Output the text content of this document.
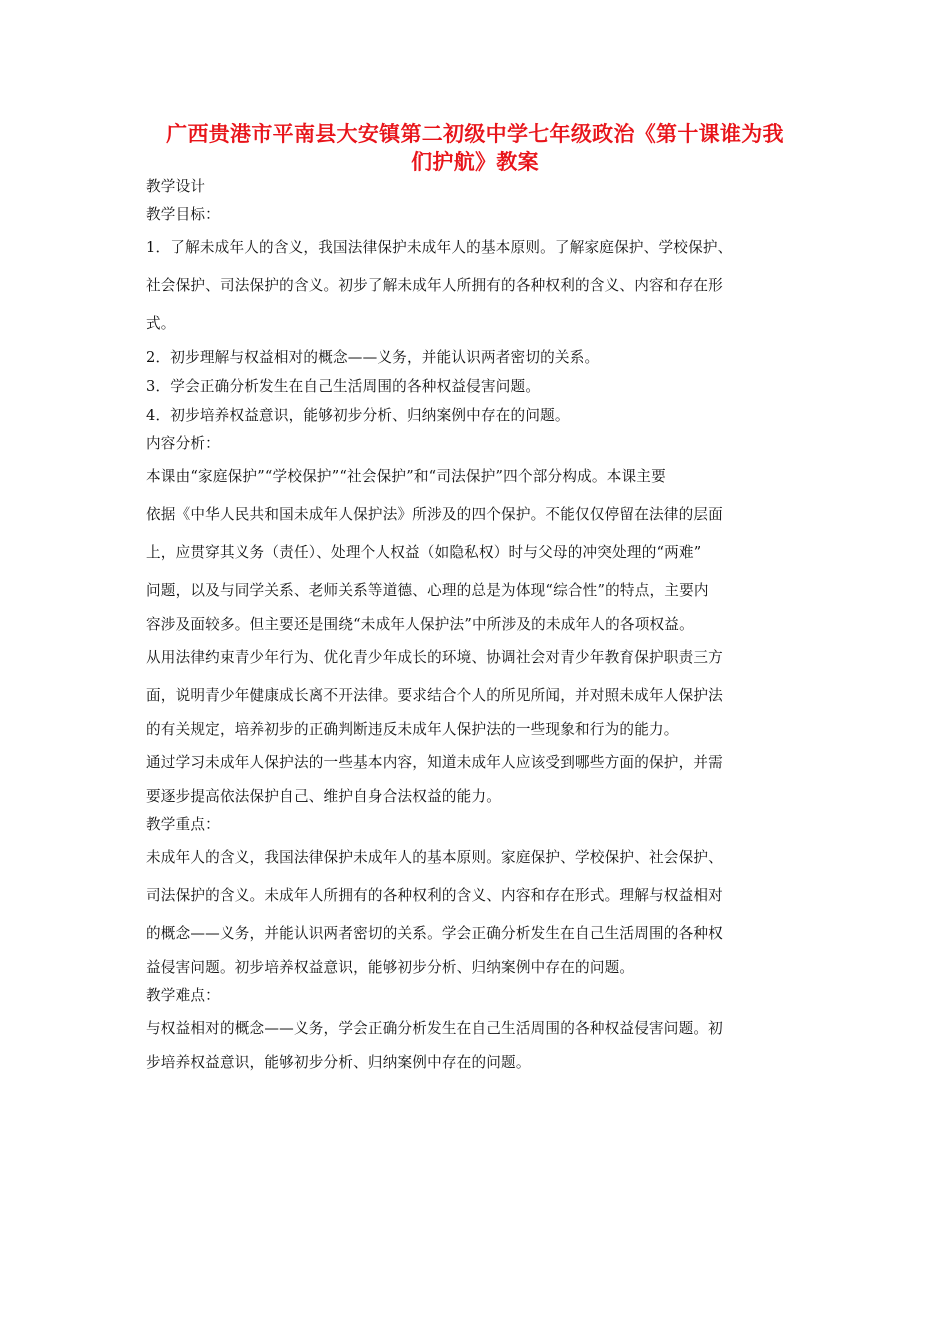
广西贵港市平南县大安镇第二初级中学七年级政治《第十课谁为我
们护航》教案
教学设计
教学目标：
1．了解未成年人的含义，我国法律保护未成年人的基本原则。了解家庭保护、学校保护、
社会保护、司法保护的含义。初步了解未成年人所拥有的各种权利的含义、内容和存在形
式。
2．初步理解与权益相对的概念——义务，并能认识两者密切的关系。
3．学会正确分析发生在自己生活周围的各种权益侵害问题。
4．初步培养权益意识，能够初步分析、归纳案例中存在的问题。
内容分析：
本课由“家庭保护”“学校保护”“社会保护”和“司法保护”四个部分构成。本课主要
依据《中华人民共和国未成年人保护法》所涉及的四个保护。不能仅仅停留在法律的层面
上，应贯穿其义务（责任）、处理个人权益（如隐私权）时与父母的冲突处理的“两难”
问题，以及与同学关系、老师关系等道德、心理的总是为体现“综合性”的特点，主要内
容涉及面较多。但主要还是围绕“未成年人保护法”中所涉及的未成年人的各项权益。
从用法律约束青少年行为、优化青少年成长的环境、协调社会对青少年教育保护职责三方
面，说明青少年健康成长离不开法律。要求结合个人的所见所闻，并对照未成年人保护法
的有关规定，培养初步的正确判断违反未成年人保护法的一些现象和行为的能力。
通过学习未成年人保护法的一些基本内容，知道未成年人应该受到哪些方面的保护，并需
要逐步提高依法保护自己、维护自身合法权益的能力。
教学重点：
未成年人的含义，我国法律保护未成年人的基本原则。家庭保护、学校保护、社会保护、
司法保护的含义。未成年人所拥有的各种权利的含义、内容和存在形式。理解与权益相对
的概念——义务，并能认识两者密切的关系。学会正确分析发生在自己生活周围的各种权
益侵害问题。初步培养权益意识，能够初步分析、归纳案例中存在的问题。
教学难点：
与权益相对的概念——义务，学会正确分析发生在自己生活周围的各种权益侵害问题。初
步培养权益意识，能够初步分析、归纳案例中存在的问题。
